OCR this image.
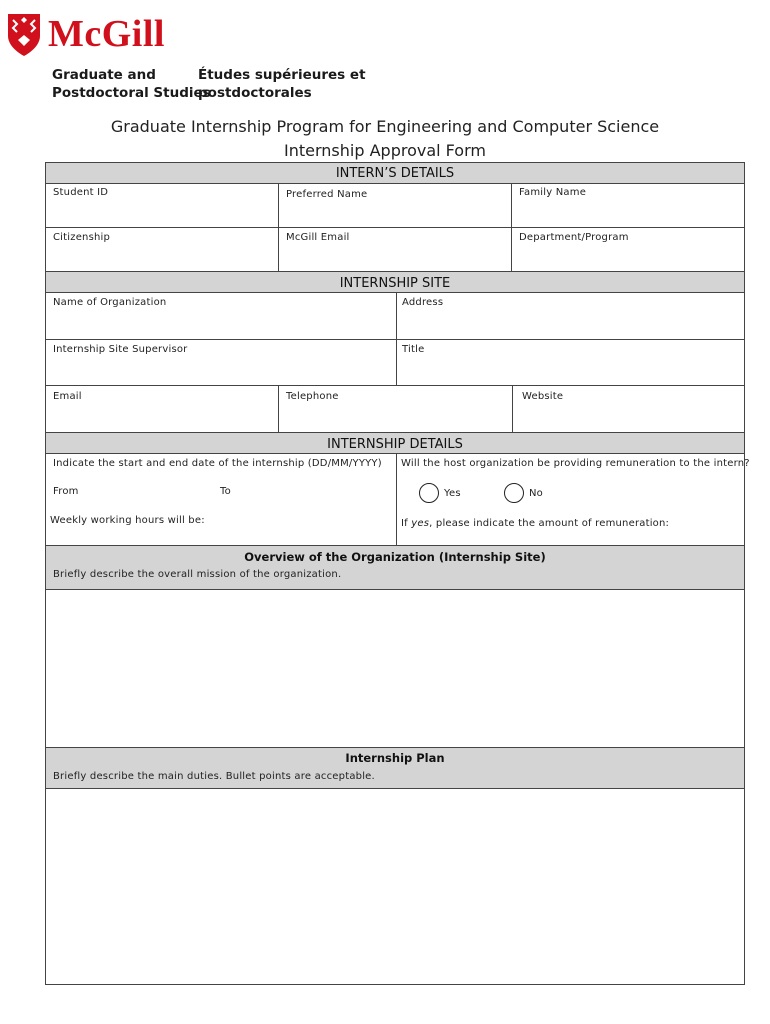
McGill
Graduate and
Postdoctoral Studies
Études supérieures et
postdoctorales
Graduate Internship Program for Engineering and Computer Science
Internship Approval Form
INTERN’S DETAILS
Student ID	Preferred Name	Family Name
Citizenship	McGill Email	Department/Program
INTERNSHIP SITE
Name of Organization	Address
Internship Site Supervisor	Title
Email	Telephone	Website
INTERNSHIP DETAILS
Indicate the start and end date of the internship (DD/MM/YYYY)
From	To
Weekly working hours will be:
Will the host organization be providing remuneration to the intern?
Yes	No
If yes, please indicate the amount of remuneration:
Overview of the Organization (Internship Site)
Briefly describe the overall mission of the organization.
Internship Plan
Briefly describe the main duties. Bullet points are acceptable.
